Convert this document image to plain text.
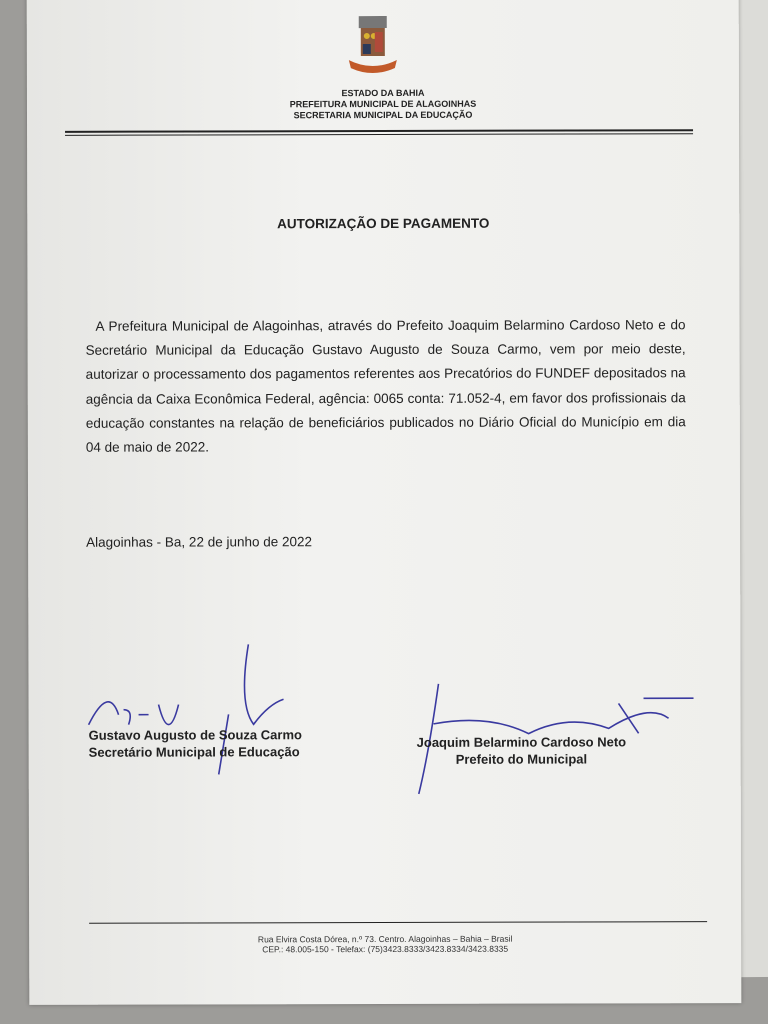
ESTADO DA BAHIA
PREFEITURA MUNICIPAL DE ALAGOINHAS
SECRETARIA MUNICIPAL DA EDUCAÇÃO
AUTORIZAÇÃO DE PAGAMENTO
A Prefeitura Municipal de Alagoinhas, através do Prefeito Joaquim Belarmino Cardoso Neto e do Secretário Municipal da Educação Gustavo Augusto de Souza Carmo, vem por meio deste, autorizar o processamento dos pagamentos referentes aos Precatórios do FUNDEF depositados na agência da Caixa Econômica Federal, agência: 0065 conta: 71.052-4, em favor dos profissionais da educação constantes na relação de beneficiários publicados no Diário Oficial do Município em dia 04 de maio de 2022.
Alagoinhas - Ba, 22 de junho de 2022
Gustavo Augusto de Souza Carmo
Secretário Municipal de Educação
Joaquim Belarmino Cardoso Neto
Prefeito do Municipal
Rua Elvira Costa Dórea, n.º 73. Centro. Alagoinhas – Bahia – Brasil
CEP.: 48.005-150 - Telefax: (75)3423.8333/3423.8334/3423.8335
